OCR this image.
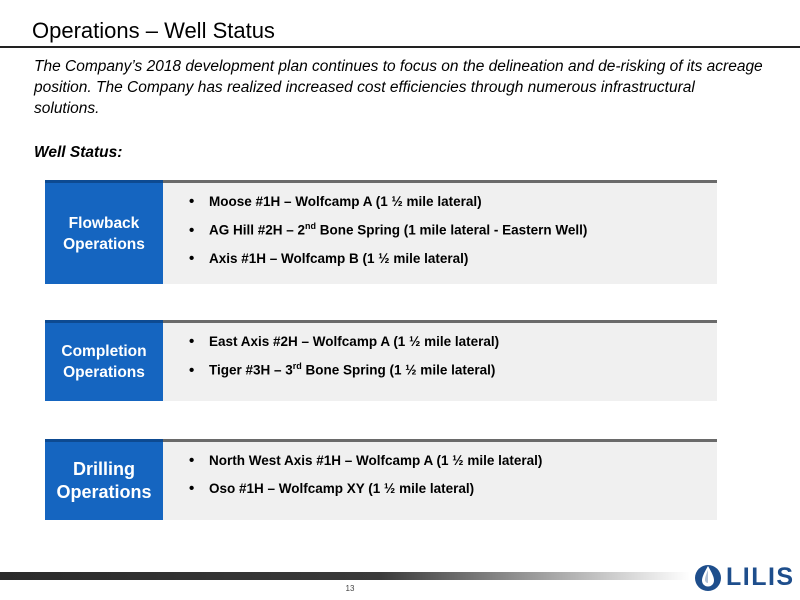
Operations – Well Status
The Company’s 2018 development plan continues to focus on the delineation and de-risking of its acreage position. The Company has realized increased cost efficiencies through numerous infrastructural solutions.
Well Status:
Flowback
Operations
•	Moose #1H – Wolfcamp A (1 ½ mile lateral)
•	AG Hill #2H – 2nd Bone Spring (1 mile lateral - Eastern Well)
•	Axis #1H – Wolfcamp B (1 ½ mile lateral)
Completion
Operations
•	East Axis #2H – Wolfcamp A (1 ½ mile lateral)
•	Tiger #3H – 3rd Bone Spring (1 ½ mile lateral)
Drilling
Operations
•	North West Axis #1H – Wolfcamp A (1 ½ mile lateral)
•	Oso #1H – Wolfcamp XY (1 ½ mile lateral)
13	LILIS
